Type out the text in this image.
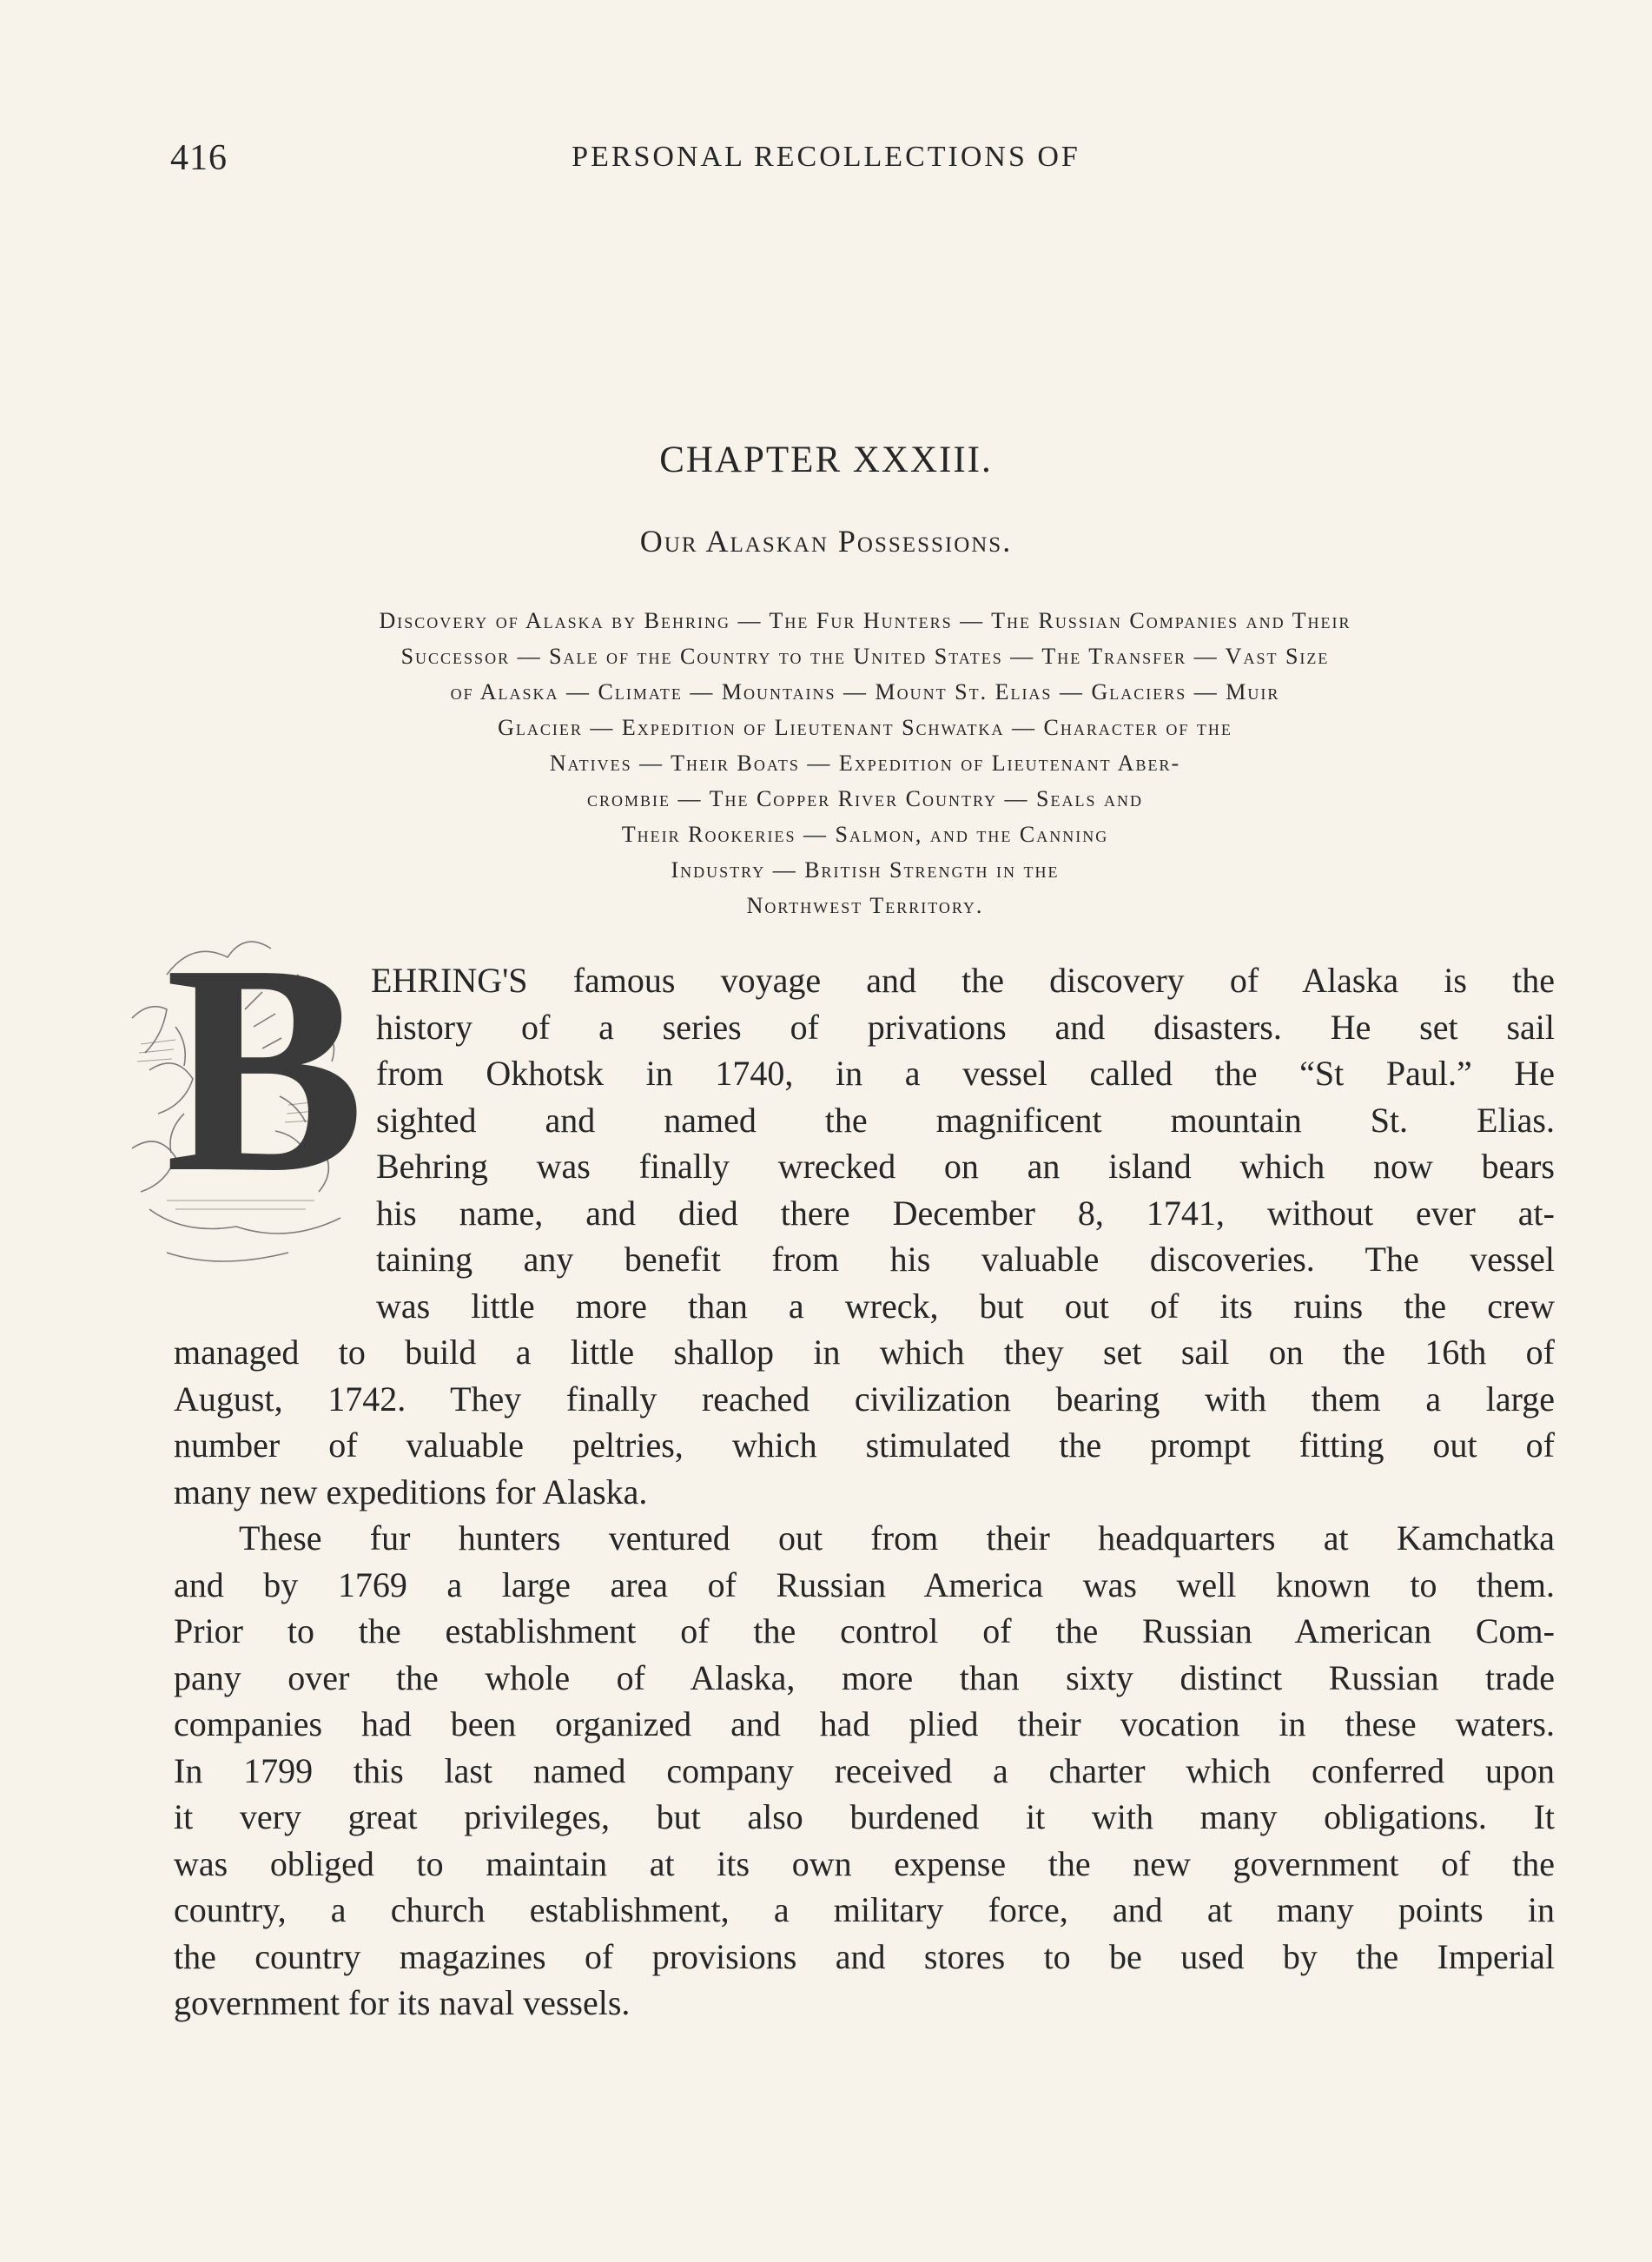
416	PERSONAL RECOLLECTIONS OF
CHAPTER XXXIII.
Our Alaskan Possessions.
Discovery of Alaska by Behring — The Fur Hunters — The Russian Companies and Their
Successor — Sale of the Country to the United States — The Transfer — Vast Size
of Alaska — Climate — Mountains — Mount St. Elias — Glaciers — Muir
Glacier — Expedition of Lieutenant Schwatka — Character of the
Natives — Their Boats — Expedition of Lieutenant Aber-
crombie — The Copper River Country — Seals and
Their Rookeries — Salmon, and the Canning
Industry — British Strength in the
Northwest Territory.
B EHRING'S famous voyage and the discovery of Alaska is the
history of a series of privations and disasters. He set sail
from Okhotsk in 1740, in a vessel called the “St Paul.” He
sighted and named the magnificent mountain St. Elias.
Behring was finally wrecked on an island which now bears
his name, and died there December 8, 1741, without ever at-
taining any benefit from his valuable discoveries. The vessel
was little more than a wreck, but out of its ruins the crew
managed to build a little shallop in which they set sail on the 16th of
August, 1742. They finally reached civilization bearing with them a large
number of valuable peltries, which stimulated the prompt fitting out of
many new expeditions for Alaska.
These fur hunters ventured out from their headquarters at Kamchatka
and by 1769 a large area of Russian America was well known to them.
Prior to the establishment of the control of the Russian American Com-
pany over the whole of Alaska, more than sixty distinct Russian trade
companies had been organized and had plied their vocation in these waters.
In 1799 this last named company received a charter which conferred upon
it very great privileges, but also burdened it with many obligations. It
was obliged to maintain at its own expense the new government of the
country, a church establishment, a military force, and at many points in
the country magazines of provisions and stores to be used by the Imperial
government for its naval vessels.
